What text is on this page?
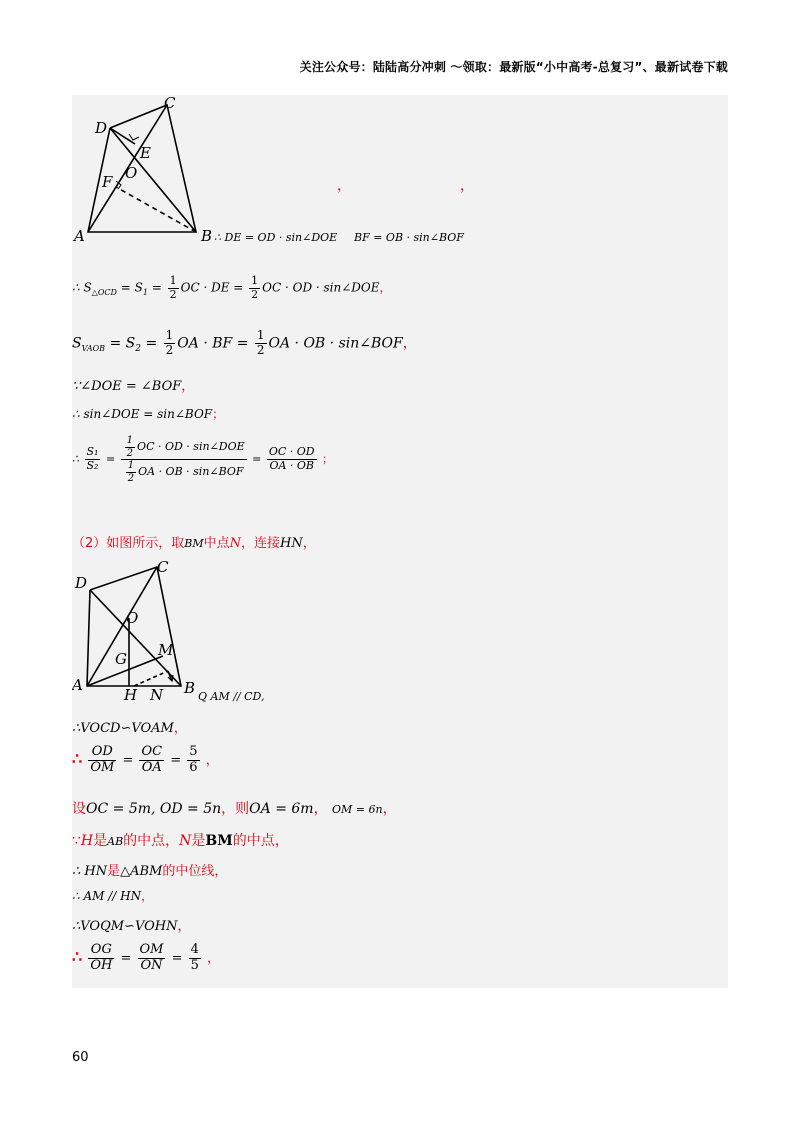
关注公众号：陆陆高分冲刺 ～领取：最新版“小中高考-总复习”、最新试卷下载
C
D
E
O
F
A	B
，	，
∴ DE = OD · sin∠DOE BF = OB · sin∠BOF
∴ $S_{\triangle OCD} = S_1 = \frac{1}{2}$ OC · DE = $\frac{1}{2}$ OC · OD · sin∠DOE，
$S_{VAOB} = S_2 = \frac{1}{2}$ OA · BF = $\frac{1}{2}$ OA · OB · sin∠BOF，
∵∠DOE = ∠BOF，
∴ sin∠DOE = sin∠BOF；
∴ $\frac{\text{S₁}}{\text{S₂}} = \frac{\frac{1}{2} OC \cdot OD \cdot \sin\angle DOE}{\frac{1}{2} OA \cdot OB \cdot \sin\angle BOF} = \frac{OC \cdot OD}{OA \cdot OB}$ ；
（2）如图所示，取BM中点N，连接HN，
D
C
O
G M
A
H N B Q AM // CD,
∴VOCD∽VOAM，
∴ $\frac{OD}{OM} = \frac{OC}{OA} = \frac{5}{6}$ ，
设OC = 5m, OD = 5n，则OA = 6m， OM = 6n，
∵H是AB的中点，N是BM的中点，
∴ HN是△ABM的中位线，
∴ AM // HN，
∴VOQM∽VOHN，
∴ $\frac{OG}{OH} = \frac{OM}{ON} = \frac{4}{5}$ ，
60
